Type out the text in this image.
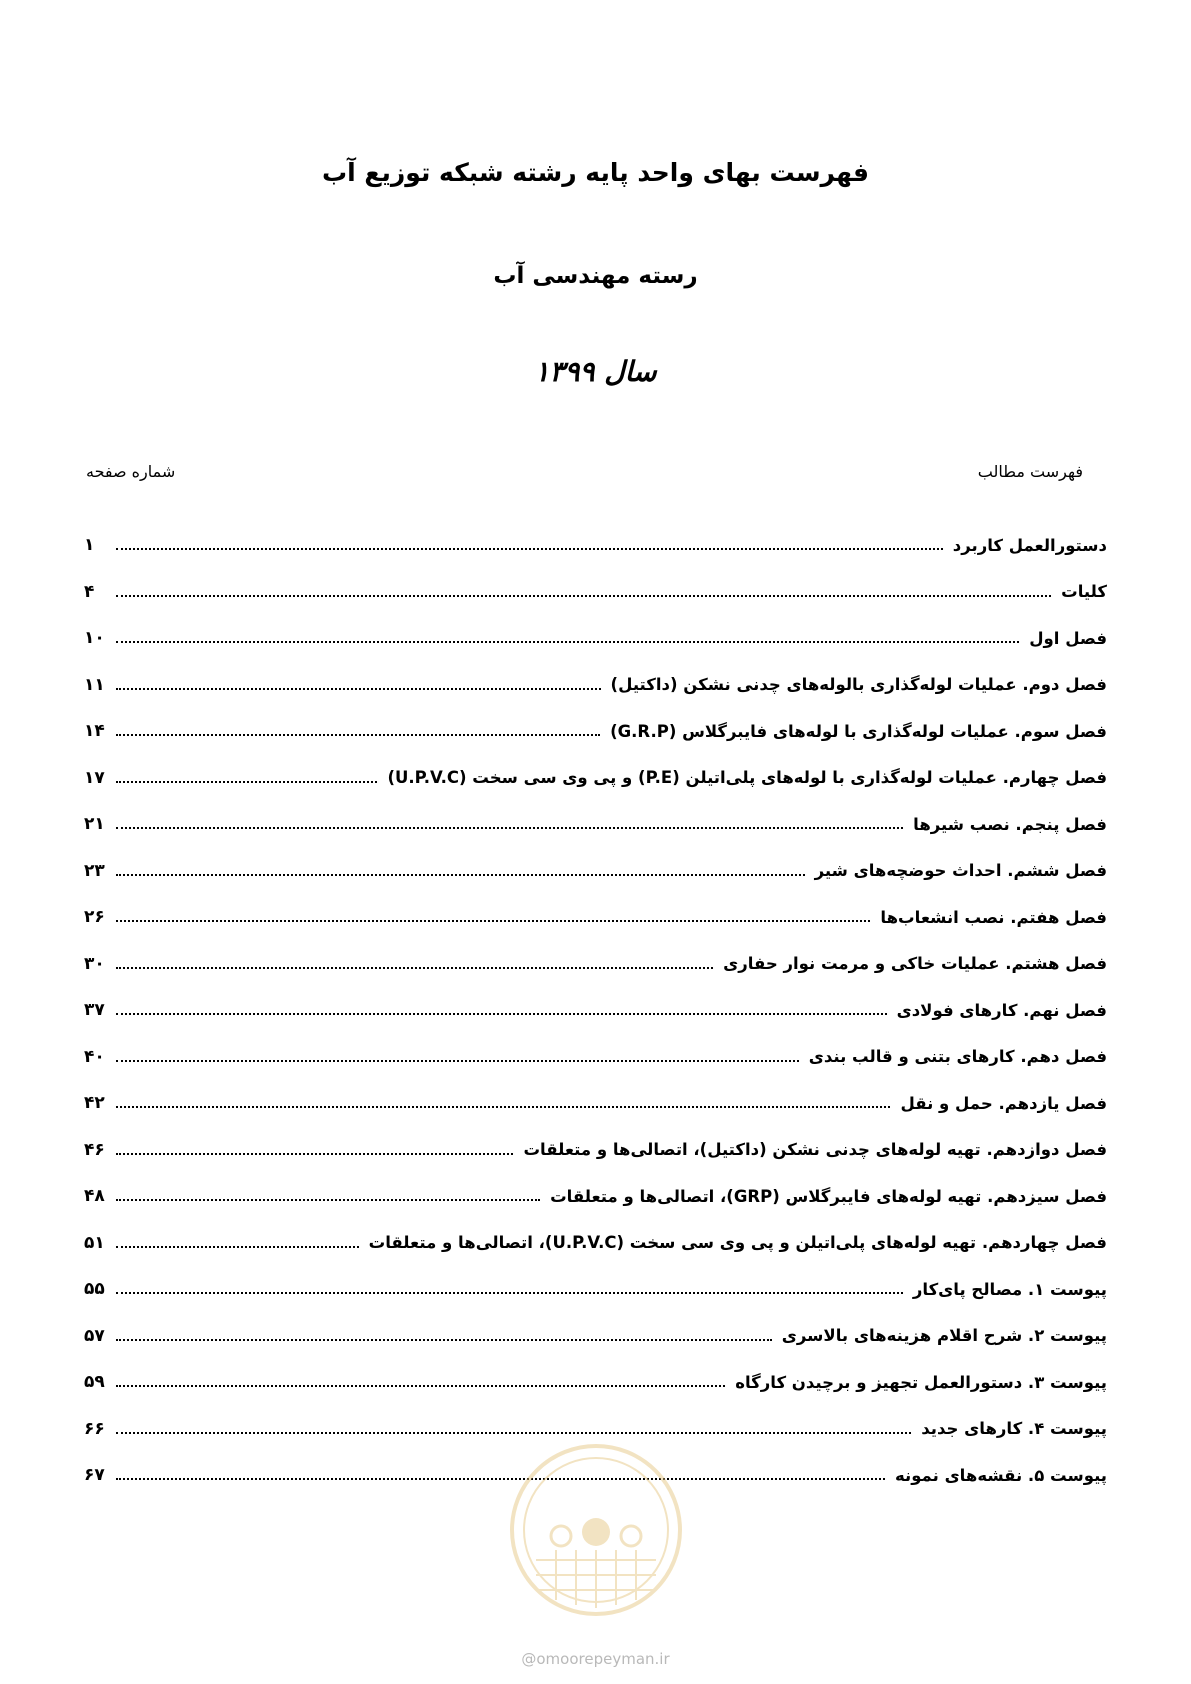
فهرست بهای واحد پایه رشته شبکه توزیع آب
رسته مهندسی آب
سال ۱۳۹۹
فهرست مطالب
شماره صفحه
دستورالعمل کاربرد
۱
کلیات
۴
فصل اول
۱۰
فصل دوم. عملیات لوله‌گذاری بالوله‌های چدنی نشکن (داکتیل)
۱۱
فصل سوم. عملیات لوله‌گذاری با لوله‌های فایبرگلاس (G.R.P)
۱۴
فصل چهارم. عملیات لوله‌گذاری با لوله‌های پلی‌اتیلن (P.E) و پی وی سی سخت (U.P.V.C)
۱۷
فصل پنجم. نصب شیرها
۲۱
فصل ششم. احداث حوضچه‌های شیر
۲۳
فصل هفتم. نصب انشعاب‌ها
۲۶
فصل هشتم. عملیات خاکی و مرمت نوار حفاری
۳۰
فصل نهم. کارهای فولادی
۳۷
فصل دهم. کارهای بتنی و قالب بندی
۴۰
فصل یازدهم. حمل و نقل
۴۲
فصل دوازدهم. تهیه لوله‌های چدنی نشکن (داکتیل)، اتصالی‌ها و متعلقات
۴۶
فصل سیزدهم. تهیه لوله‌های فایبرگلاس (GRP)، اتصالی‌ها و متعلقات
۴۸
فصل چهاردهم. تهیه لوله‌های پلی‌اتیلن و پی وی سی سخت (U.P.V.C)، اتصالی‌ها و متعلقات
۵۱
پیوست ۱. مصالح پای‌کار
۵۵
پیوست ۲. شرح اقلام هزینه‌های بالاسری
۵۷
پیوست ۳. دستورالعمل تجهیز و برچیدن کارگاه
۵۹
پیوست ۴. کارهای جدید
۶۶
پیوست ۵. نقشه‌های نمونه
۶۷
@omoorepeyman.ir
